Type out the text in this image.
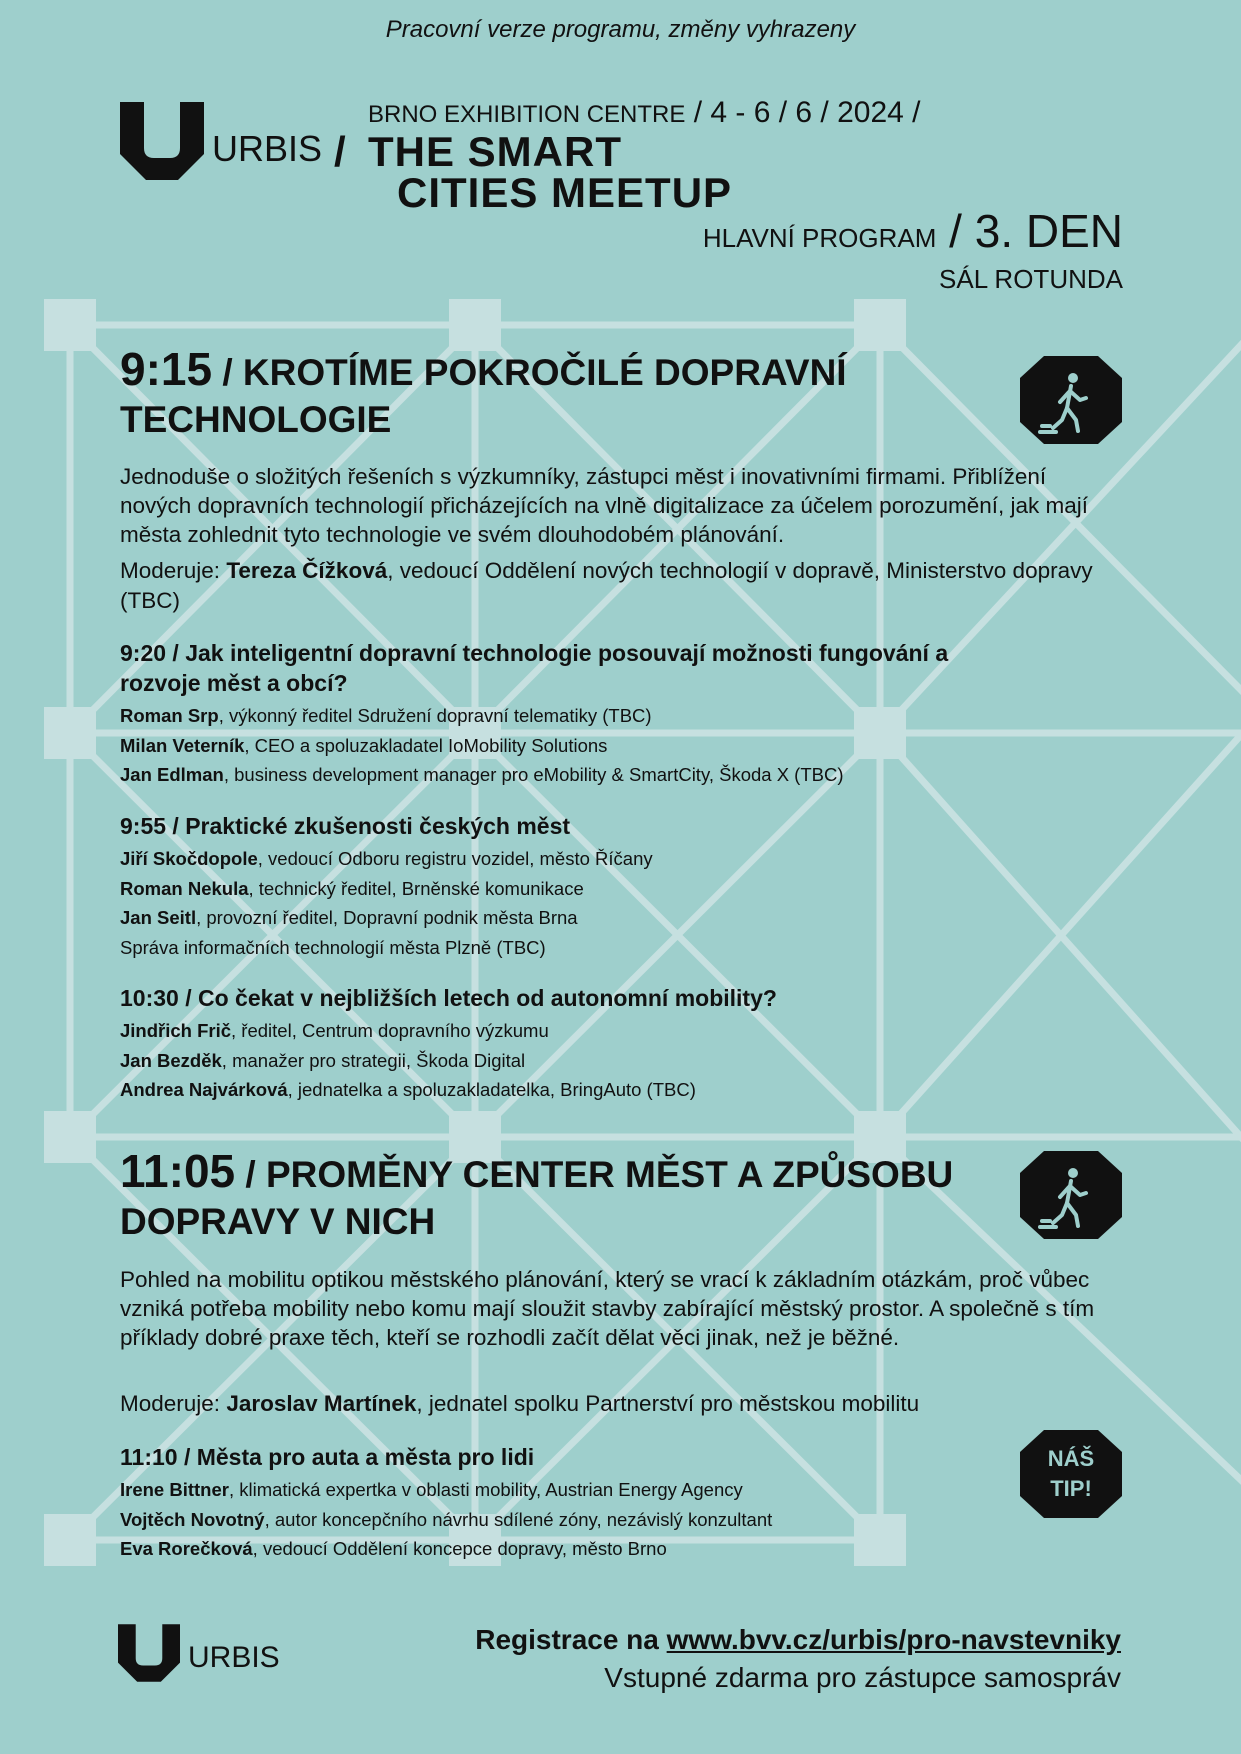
Pracovní verze programu, změny vyhrazeny
URBIS
BRNO EXHIBITION CENTRE / 4 - 6 / 6 / 2024 /
/ THE SMART
CITIES MEETUP
HLAVNÍ PROGRAM / 3. DEN
SÁL ROTUNDA
9:15 / KROTÍME POKROČILÉ DOPRAVNÍ TECHNOLOGIE
Jednoduše o složitých řešeních s výzkumníky, zástupci měst i inovativními firmami. Přiblížení nových dopravních technologií přicházejících na vlně digitalizace za účelem porozumění, jak mají města zohlednit tyto technologie ve svém dlouhodobém plánování.
Moderuje: Tereza Čížková, vedoucí Oddělení nových technologií v dopravě, Ministerstvo dopravy (TBC)
9:20 / Jak inteligentní dopravní technologie posouvají možnosti fungování a rozvoje měst a obcí?
Roman Srp, výkonný ředitel Sdružení dopravní telematiky (TBC)
Milan Veterník, CEO a spoluzakladatel IoMobility Solutions
Jan Edlman, business development manager pro eMobility & SmartCity, Škoda X (TBC)
9:55 / Praktické zkušenosti českých měst
Jiří Skočdopole, vedoucí Odboru registru vozidel, město Říčany
Roman Nekula, technický ředitel, Brněnské komunikace
Jan Seitl, provozní ředitel, Dopravní podnik města Brna
Správa informačních technologií města Plzně (TBC)
10:30 / Co čekat v nejbližších letech od autonomní mobility?
Jindřich Frič, ředitel, Centrum dopravního výzkumu
Jan Bezděk, manažer pro strategii, Škoda Digital
Andrea Najvárková, jednatelka a spoluzakladatelka, BringAuto (TBC)
11:05 / PROMĚNY CENTER MĚST A ZPŮSOBU DOPRAVY V NICH
Pohled na mobilitu optikou městského plánování, který se vrací k základním otázkám, proč vůbec vzniká potřeba mobility nebo komu mají sloužit stavby zabírající městský prostor. A společně s tím příklady dobré praxe těch, kteří se rozhodli začít dělat věci jinak, než je běžné.
Moderuje: Jaroslav Martínek, jednatel spolku Partnerství pro městskou mobilitu
11:10 / Města pro auta a města pro lidi	NÁŠ
TIP!
Irene Bittner, klimatická expertka v oblasti mobility, Austrian Energy Agency
Vojtěch Novotný, autor koncepčního návrhu sdílené zóny, nezávislý konzultant
Eva Rorečková, vedoucí Oddělení koncepce dopravy, město Brno
URBIS
Registrace na www.bvv.cz/urbis/pro-navstevniky
Vstupné zdarma pro zástupce samospráv
